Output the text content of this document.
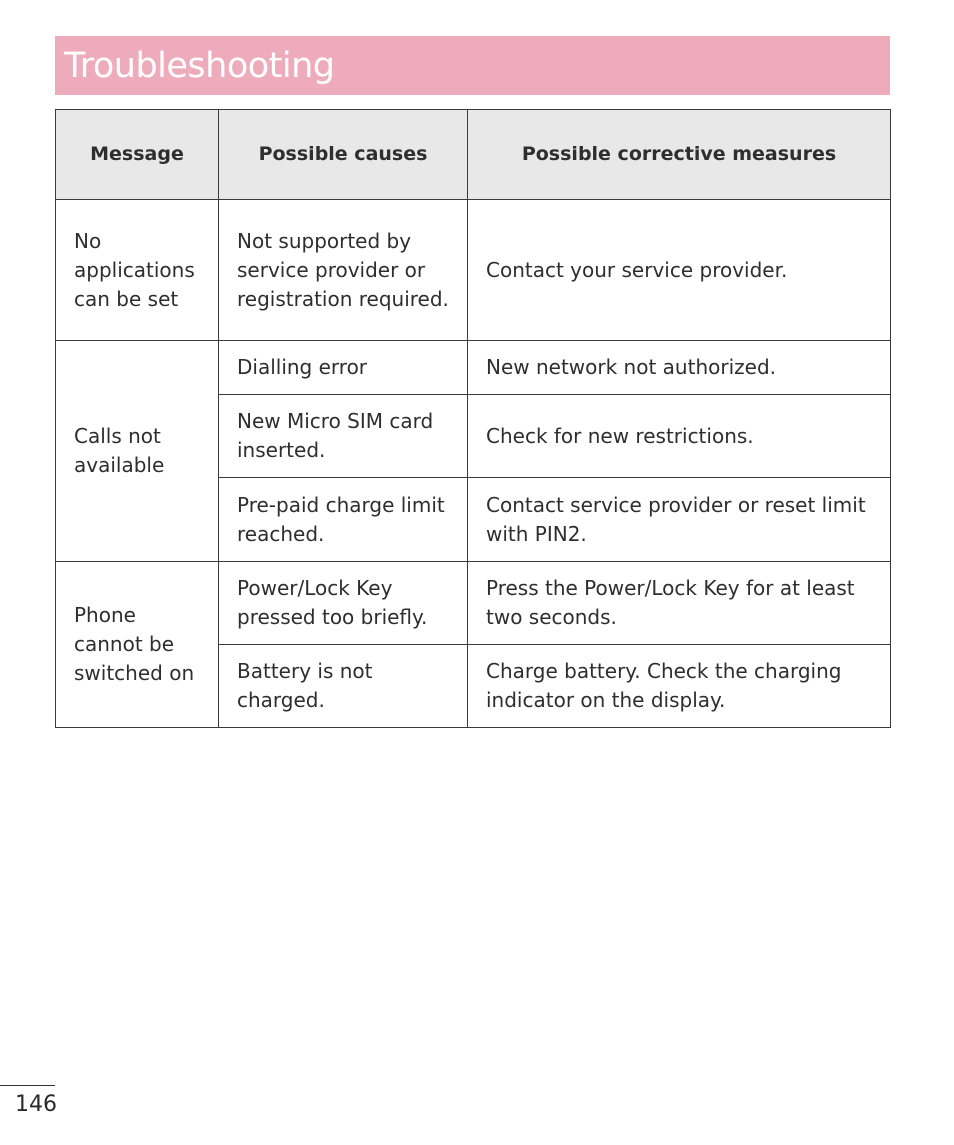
Troubleshooting
Message	Possible causes	Possible corrective measures
No applications can be set	Not supported by service provider or registration required.	Contact your service provider.
Calls not available	Dialling error	New network not authorized.
	New Micro SIM card inserted.	Check for new restrictions.
	Pre-paid charge limit reached.	Contact service provider or reset limit with PIN2.
Phone cannot be switched on	Power/Lock Key pressed too briefly.	Press the Power/Lock Key for at least two seconds.
	Battery is not charged.	Charge battery. Check the charging indicator on the display.
146
